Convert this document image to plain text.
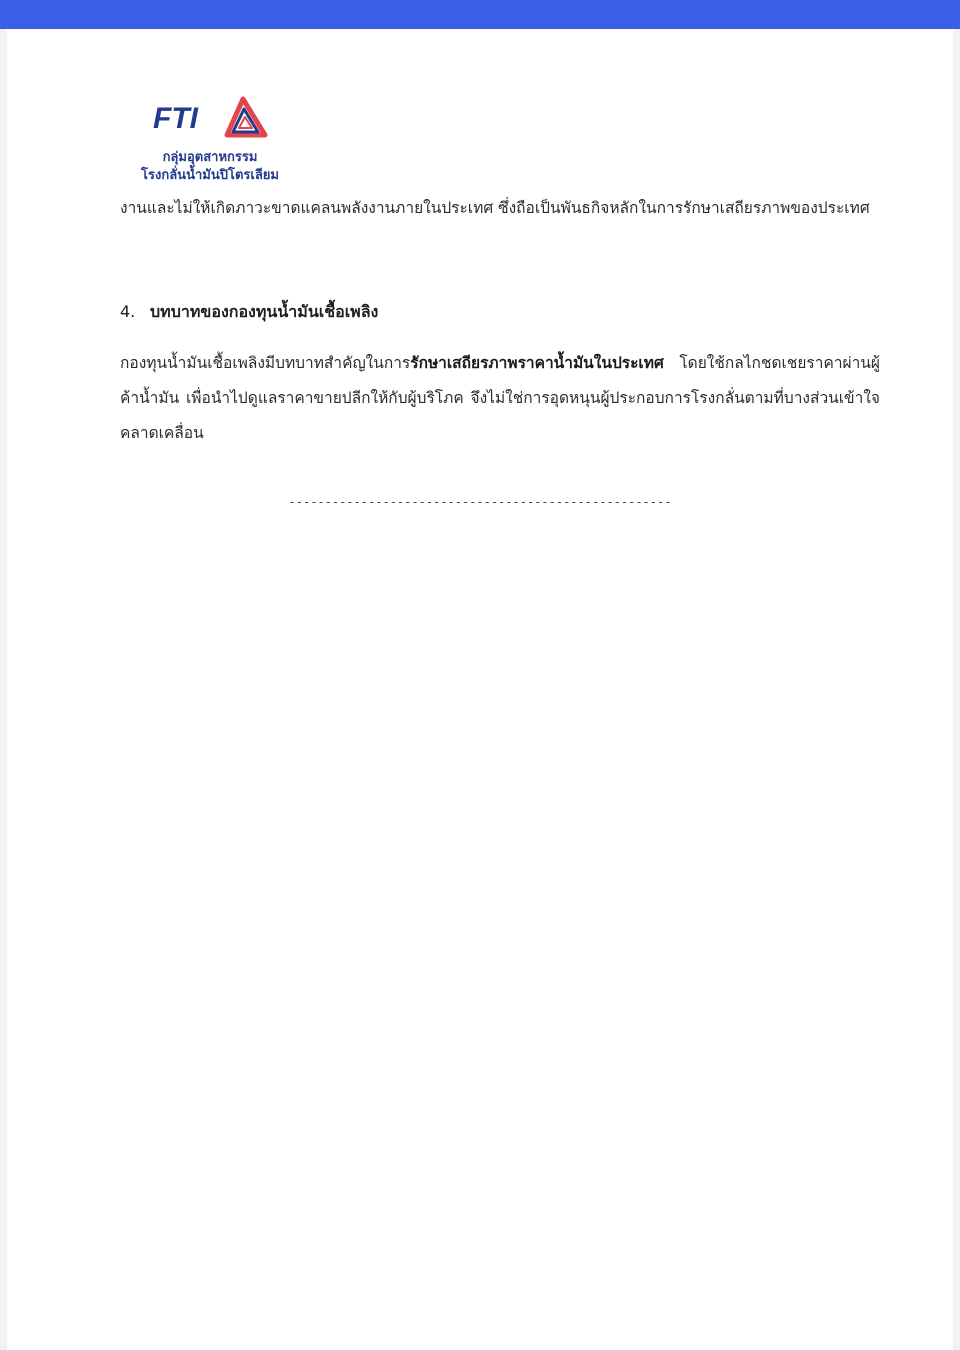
FTI
กลุ่มอุตสาหกรรม
โรงกลั่นน้ำมันปิโตรเลียม
งานและไม่ให้เกิดภาวะขาดแคลนพลังงานภายในประเทศ ซึ่งถือเป็นพันธกิจหลักในการรักษาเสถียรภาพของประเทศ
4. บทบาทของกองทุนน้ำมันเชื้อเพลิง
กองทุนน้ำมันเชื้อเพลิงมีบทบาทสำคัญในการรักษาเสถียรภาพราคาน้ำมันในประเทศ โดยใช้กลไกชดเชยราคาผ่านผู้ค้าน้ำมัน เพื่อนำไปดูแลราคาขายปลีกให้กับผู้บริโภค จึงไม่ใช่การอุดหนุนผู้ประกอบการโรงกลั่นตามที่บางส่วนเข้าใจคลาดเคลื่อน
-----------------------------------------------------
